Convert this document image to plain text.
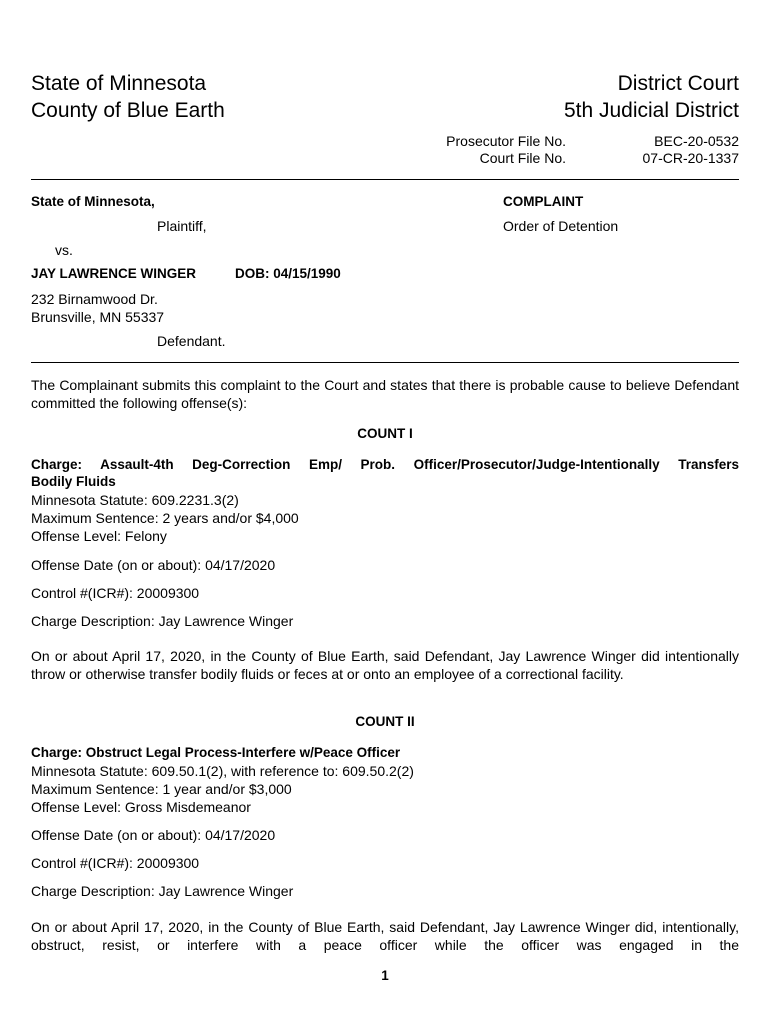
State of Minnesota
County of Blue Earth
District Court
5th Judicial District
Prosecutor File No.	BEC-20-0532
Court File No.	07-CR-20-1337
State of Minnesota,
Plaintiff,
vs.
JAY LAWRENCE WINGER	DOB: 04/15/1990
232 Birnamwood Dr.
Brunsville, MN 55337
Defendant.
COMPLAINT
Order of Detention
The Complainant submits this complaint to the Court and states that there is probable cause to believe Defendant committed the following offense(s):
COUNT I
Charge: Assault-4th Deg-Correction Emp/ Prob. Officer/Prosecutor/Judge-Intentionally Transfers
Bodily Fluids
Minnesota Statute: 609.2231.3(2)
Maximum Sentence: 2 years and/or $4,000
Offense Level: Felony
Offense Date (on or about): 04/17/2020
Control #(ICR#): 20009300
Charge Description: Jay Lawrence Winger
On or about April 17, 2020, in the County of Blue Earth, said Defendant, Jay Lawrence Winger did intentionally throw or otherwise transfer bodily fluids or feces at or onto an employee of a correctional facility.
COUNT II
Charge: Obstruct Legal Process-Interfere w/Peace Officer
Minnesota Statute: 609.50.1(2), with reference to: 609.50.2(2)
Maximum Sentence: 1 year and/or $3,000
Offense Level: Gross Misdemeanor
Offense Date (on or about): 04/17/2020
Control #(ICR#): 20009300
Charge Description: Jay Lawrence Winger
On or about April 17, 2020, in the County of Blue Earth, said Defendant, Jay Lawrence Winger did, intentionally, obstruct, resist, or interfere with a peace officer while the officer was engaged in the
1
